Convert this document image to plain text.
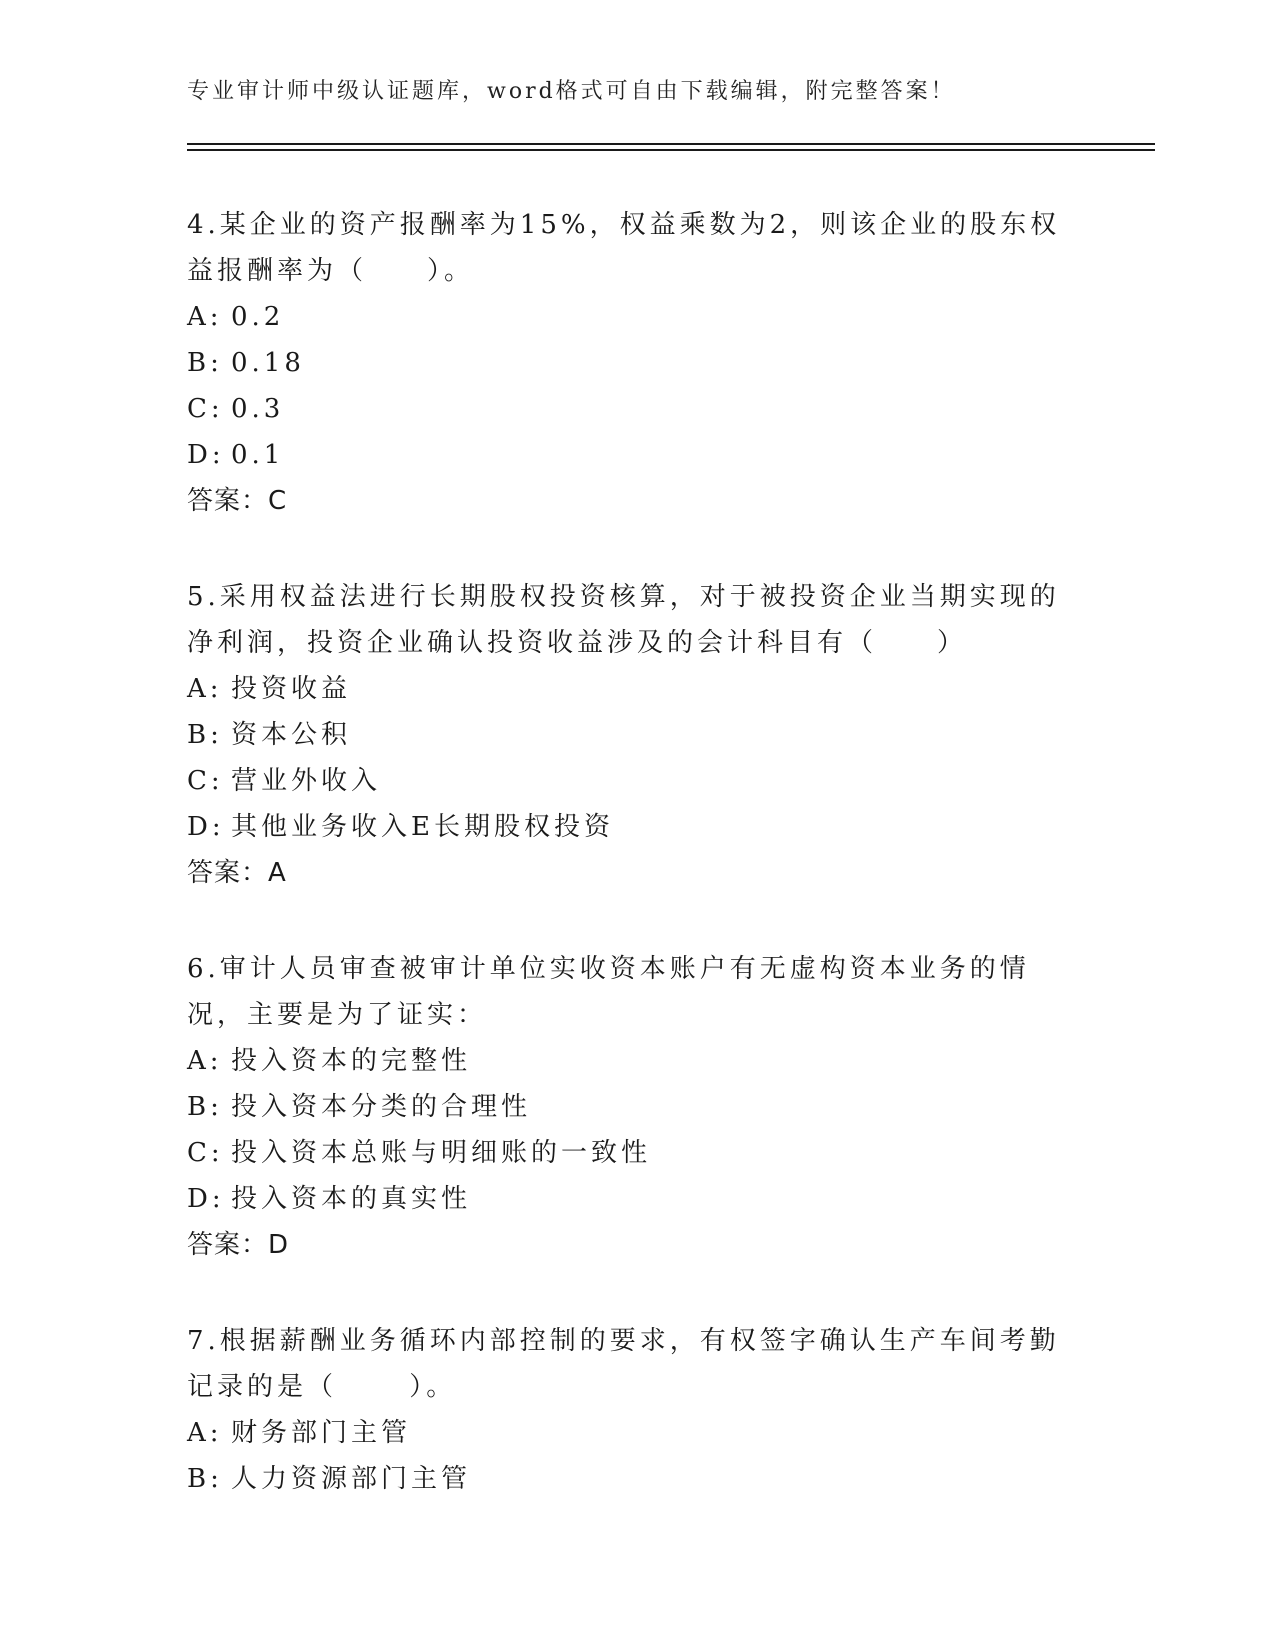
专业审计师中级认证题库，word格式可自由下载编辑，附完整答案！

4.某企业的资产报酬率为15%，权益乘数为2，则该企业的股东权益报酬率为（　　）。

A: 0.2

B: 0.18

C: 0.3

D: 0.1

答案：C

5.采用权益法进行长期股权投资核算，对于被投资企业当期实现的净利润，投资企业确认投资收益涉及的会计科目有（　　）

A: 投资收益

B: 资本公积

C: 营业外收入

D: 其他业务收入E长期股权投资

答案：A

6.审计人员审查被审计单位实收资本账户有无虚构资本业务的情况，主要是为了证实：

A: 投入资本的完整性

B: 投入资本分类的合理性

C: 投入资本总账与明细账的一致性

D: 投入资本的真实性

答案：D

7.根据薪酬业务循环内部控制的要求，有权签字确认生产车间考勤记录的是（　　 ）。

A: 财务部门主管

B: 人力资源部门主管
